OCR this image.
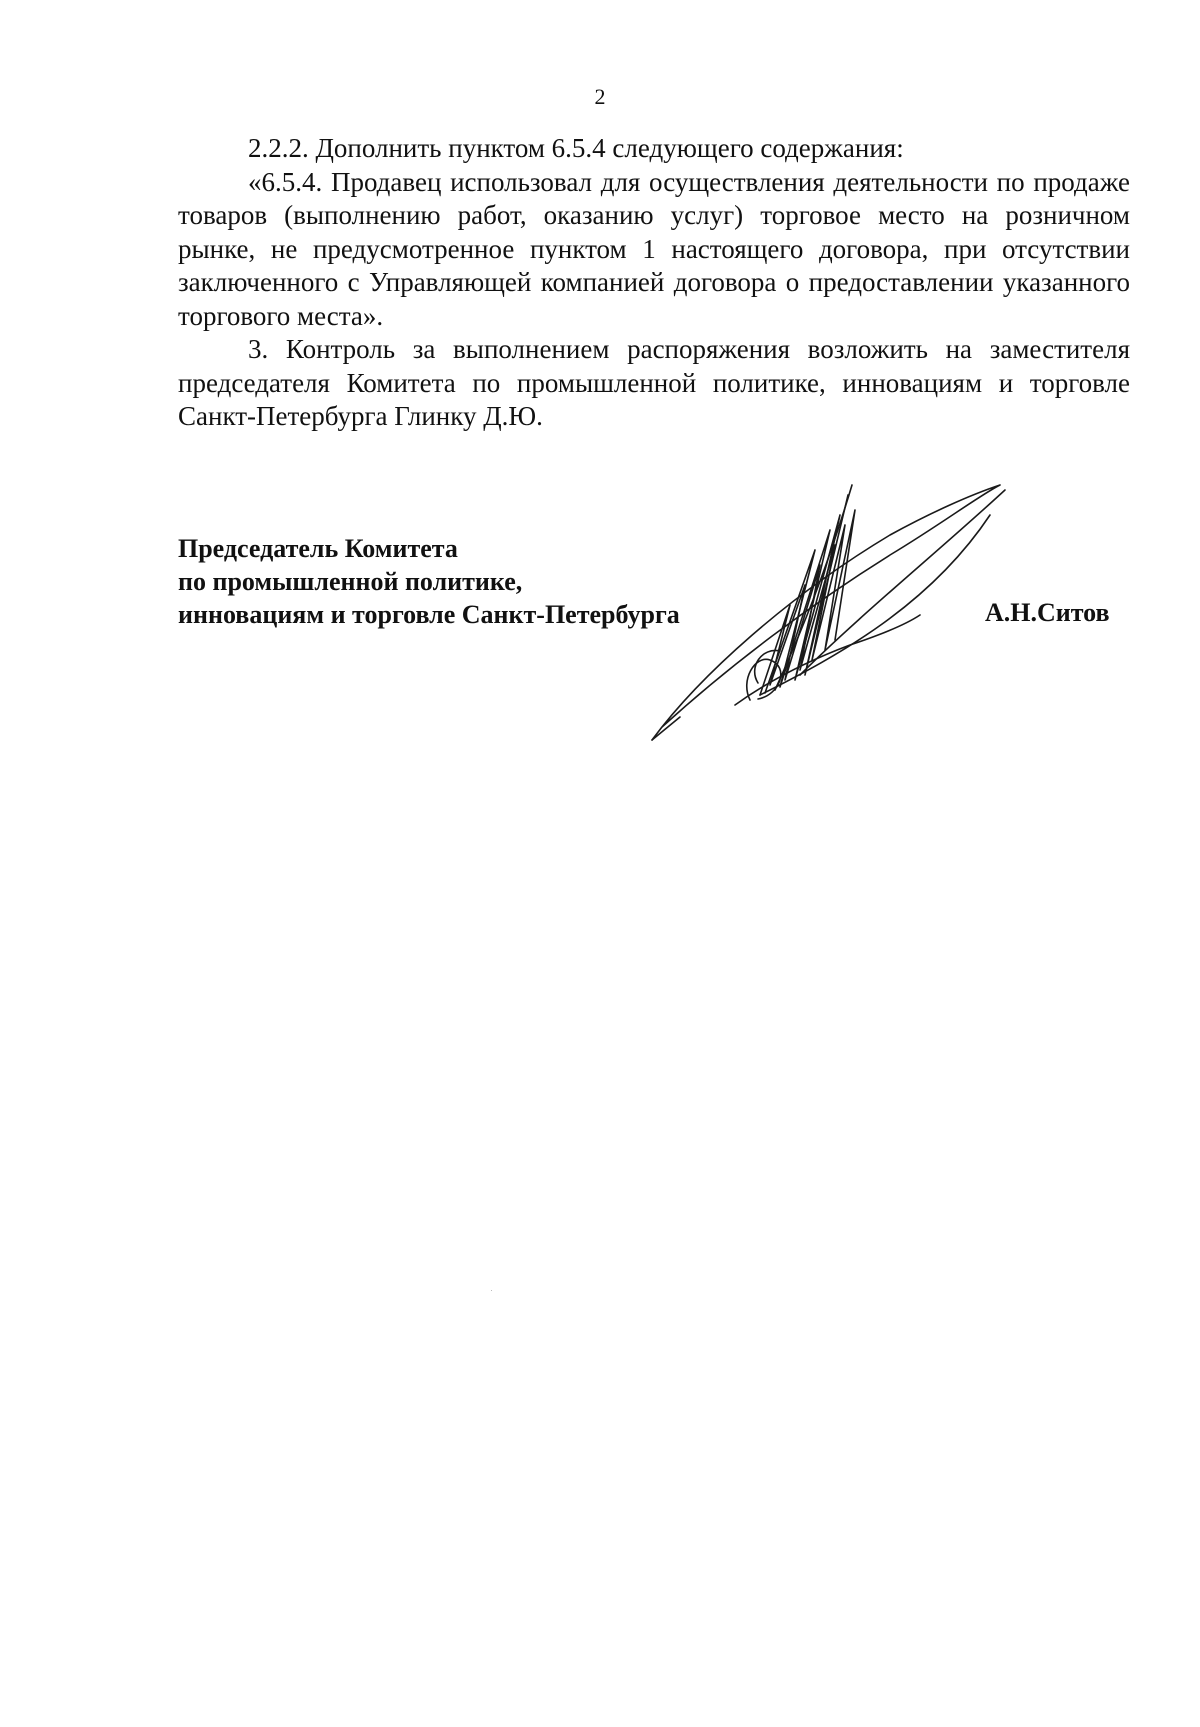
2

2.2.2. Дополнить пунктом 6.5.4 следующего содержания:

«6.5.4. Продавец использовал для осуществления деятельности по продаже товаров (выполнению работ, оказанию услуг) торговое место на розничном рынке, не предусмотренное пунктом 1 настоящего договора, при отсутствии заключенного с Управляющей компанией договора о предоставлении указанного торгового места».

3. Контроль за выполнением распоряжения возложить на заместителя председателя Комитета по промышленной политике, инновациям и торговле Санкт-Петербурга Глинку Д.Ю.

Председатель Комитета
по промышленной политике,
инновациям и торговле Санкт-Петербурга	А.Н.Ситов
